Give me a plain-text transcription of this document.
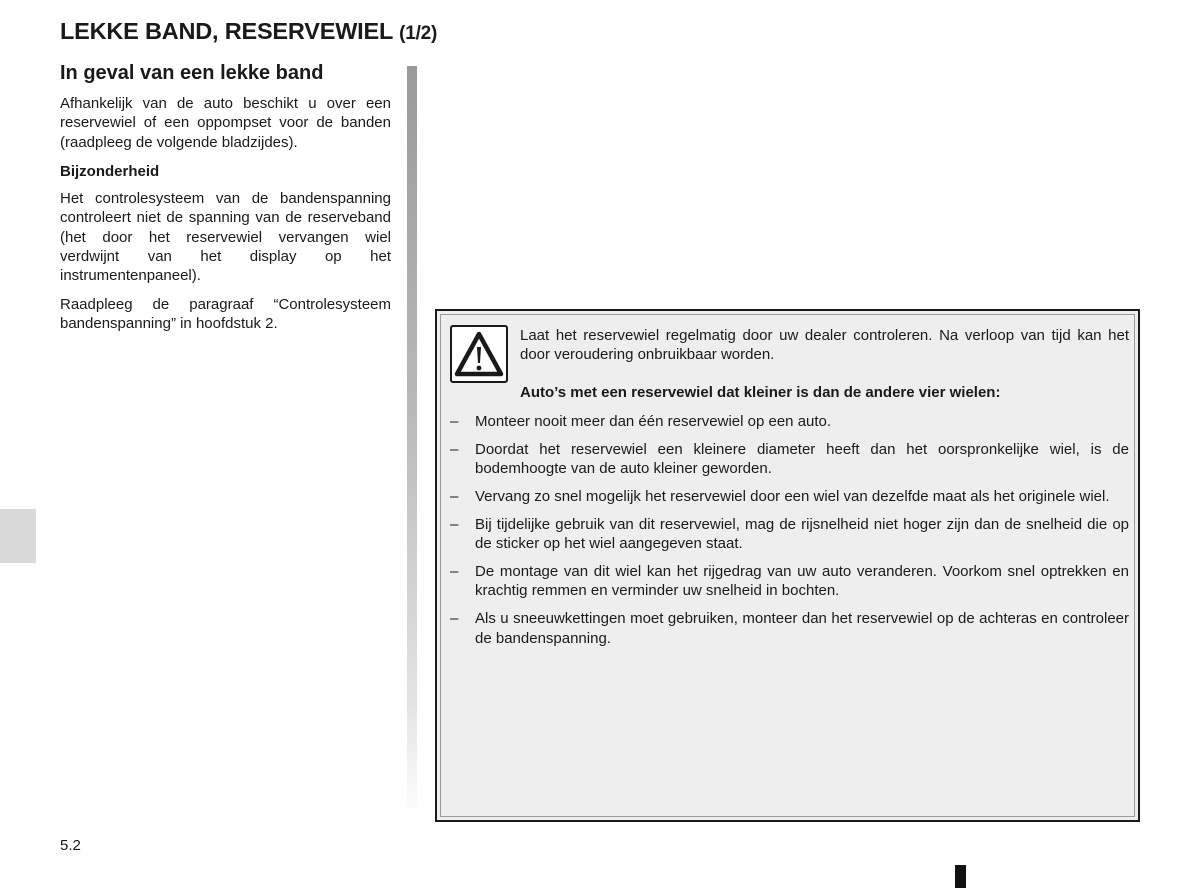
LEKKE BAND, RESERVEWIEL (1/2)
In geval van een lekke band

Afhankelijk van de auto beschikt u over een reservewiel of een oppompset voor de banden (raadpleeg de volgende bladzijdes).

Bijzonderheid

Het controlesysteem van de bandenspanning controleert niet de spanning van de reserveband (het door het reservewiel vervangen wiel verdwijnt van het display op het instrumentenpaneel).

Raadpleeg de paragraaf “Controlesysteem bandenspanning” in hoofdstuk 2.

Laat het reservewiel regelmatig door uw dealer controleren. Na verloop van tijd kan het door veroudering onbruikbaar worden.

Auto’s met een reservewiel dat kleiner is dan de andere vier wielen:

– Monteer nooit meer dan één reservewiel op een auto.
– Doordat het reservewiel een kleinere diameter heeft dan het oorspronkelijke wiel, is de bodemhoogte van de auto kleiner geworden.
– Vervang zo snel mogelijk het reservewiel door een wiel van dezelfde maat als het originele wiel.
– Bij tijdelijke gebruik van dit reservewiel, mag de rijsnelheid niet hoger zijn dan de snelheid die op de sticker op het wiel aangegeven staat.
– De montage van dit wiel kan het rijgedrag van uw auto veranderen. Voorkom snel optrekken en krachtig remmen en verminder uw snelheid in bochten.
– Als u sneeuwkettingen moet gebruiken, monteer dan het reservewiel op de achteras en controleer de bandenspanning.
5.2
